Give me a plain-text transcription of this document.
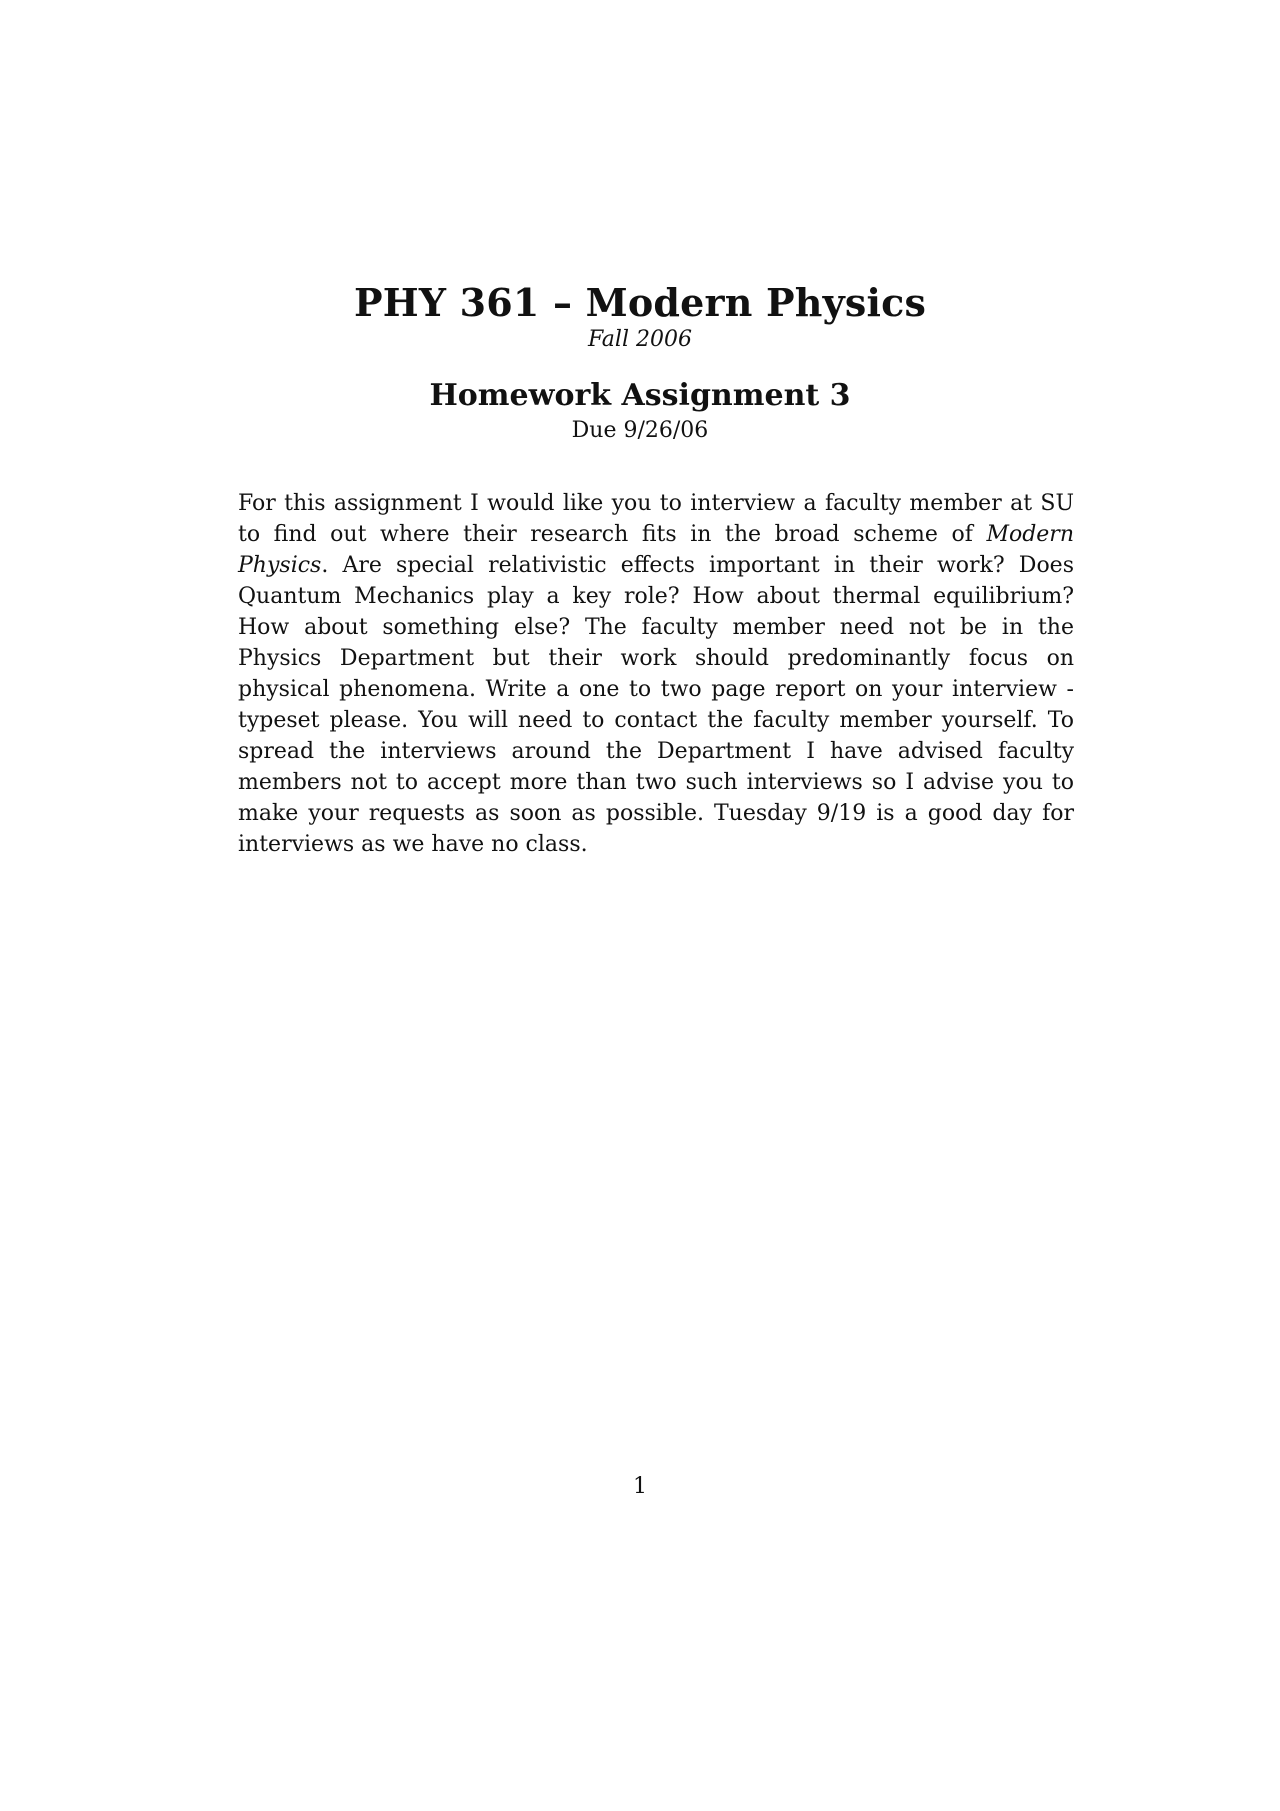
PHY 361 – Modern Physics
Fall 2006
Homework Assignment 3
Due 9/26/06

For this assignment I would like you to interview a faculty member at SU to find out where their research fits in the broad scheme of Modern Physics. Are special relativistic effects important in their work? Does Quantum Mechanics play a key role? How about thermal equilibrium? How about something else? The faculty member need not be in the Physics Department but their work should predominantly focus on physical phenomena. Write a one to two page report on your interview - typeset please. You will need to contact the faculty member yourself. To spread the interviews around the Department I have advised faculty members not to accept more than two such interviews so I advise you to make your requests as soon as possible. Tuesday 9/19 is a good day for interviews as we have no class.

1
